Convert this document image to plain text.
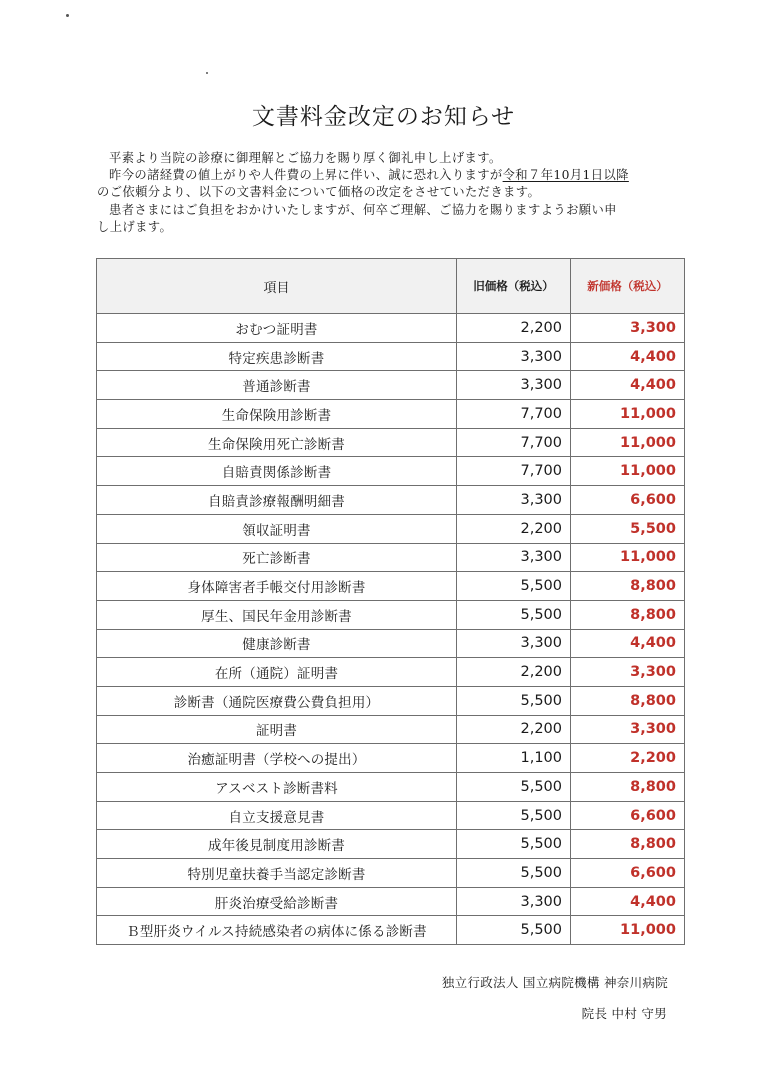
文書料金改定のお知らせ

平素より当院の診療に御理解とご協力を賜り厚く御礼申し上げます。

昨今の諸経費の値上がりや人件費の上昇に伴い、誠に恐れ入りますが令和７年10月1日以降

のご依頼分より、以下の文書料金について価格の改定をさせていただきます。

患者さまにはご負担をおかけいたしますが、何卒ご理解、ご協力を賜りますようお願い申

し上げます。

項目	旧価格（税込）	新価格（税込）
おむつ証明書	2,200	3,300
特定疾患診断書	3,300	4,400
普通診断書	3,300	4,400
生命保険用診断書	7,700	11,000
生命保険用死亡診断書	7,700	11,000
自賠責関係診断書	7,700	11,000
自賠責診療報酬明細書	3,300	6,600
領収証明書	2,200	5,500
死亡診断書	3,300	11,000
身体障害者手帳交付用診断書	5,500	8,800
厚生、国民年金用診断書	5,500	8,800
健康診断書	3,300	4,400
在所（通院）証明書	2,200	3,300
診断書（通院医療費公費負担用）	5,500	8,800
証明書	2,200	3,300
治癒証明書（学校への提出）	1,100	2,200
アスベスト診断書料	5,500	8,800
自立支援意見書	5,500	6,600
成年後見制度用診断書	5,500	8,800
特別児童扶養手当認定診断書	5,500	6,600
肝炎治療受給診断書	3,300	4,400
Ｂ型肝炎ウイルス持続感染者の病体に係る診断書	5,500	11,000
独立行政法人 国立病院機構 神奈川病院
院長 中村 守男
